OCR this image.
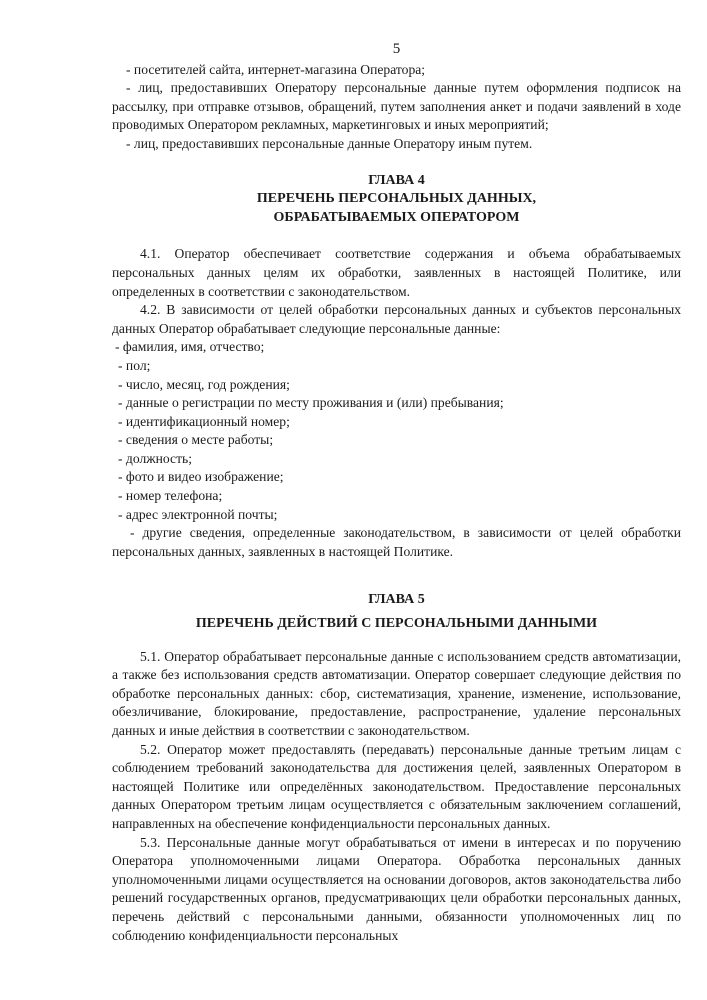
5

- посетителей сайта, интернет-магазина Оператора;

- лиц, предоставивших Оператору персональные данные путем оформления подписок на рассылку, при отправке отзывов, обращений, путем заполнения анкет и подачи заявлений в ходе проводимых Оператором рекламных, маркетинговых и иных мероприятий;

- лиц, предоставивших персональные данные Оператору иным путем.

ГЛАВА 4
ПЕРЕЧЕНЬ ПЕРСОНАЛЬНЫХ ДАННЫХ,
ОБРАБАТЫВАЕМЫХ ОПЕРАТОРОМ

4.1. Оператор обеспечивает соответствие содержания и объема обрабатываемых персональных данных целям их обработки, заявленных в настоящей Политике, или определенных в соответствии с законодательством.

4.2. В зависимости от целей обработки персональных данных и субъектов персональных данных Оператор обрабатывает следующие персональные данные:

- фамилия, имя, отчество;
- пол;
- число, месяц, год рождения;
- данные о регистрации по месту проживания и (или) пребывания;
- идентификационный номер;
- сведения о месте работы;
- должность;
- фото и видео изображение;
- номер телефона;
- адрес электронной почты;

- другие сведения, определенные законодательством, в зависимости от целей обработки персональных данных, заявленных в настоящей Политике.

ГЛАВА 5
ПЕРЕЧЕНЬ ДЕЙСТВИЙ С ПЕРСОНАЛЬНЫМИ ДАННЫМИ

5.1. Оператор обрабатывает персональные данные с использованием средств автоматизации, а также без использования средств автоматизации. Оператор совершает следующие действия по обработке персональных данных: сбор, систематизация, хранение, изменение, использование, обезличивание, блокирование, предоставление, распространение, удаление персональных данных и иные действия в соответствии с законодательством.

5.2. Оператор может предоставлять (передавать) персональные данные третьим лицам с соблюдением требований законодательства для достижения целей, заявленных Оператором в настоящей Политике или определённых законодательством. Предоставление персональных данных Оператором третьим лицам осуществляется с обязательным заключением соглашений, направленных на обеспечение конфиденциальности персональных данных.

5.3. Персональные данные могут обрабатываться от имени в интересах и по поручению Оператора уполномоченными лицами Оператора. Обработка персональных данных уполномоченными лицами осуществляется на основании договоров, актов законодательства либо решений государственных органов, предусматривающих цели обработки персональных данных, перечень действий с персональными данными, обязанности уполномоченных лиц по соблюдению конфиденциальности персональных
